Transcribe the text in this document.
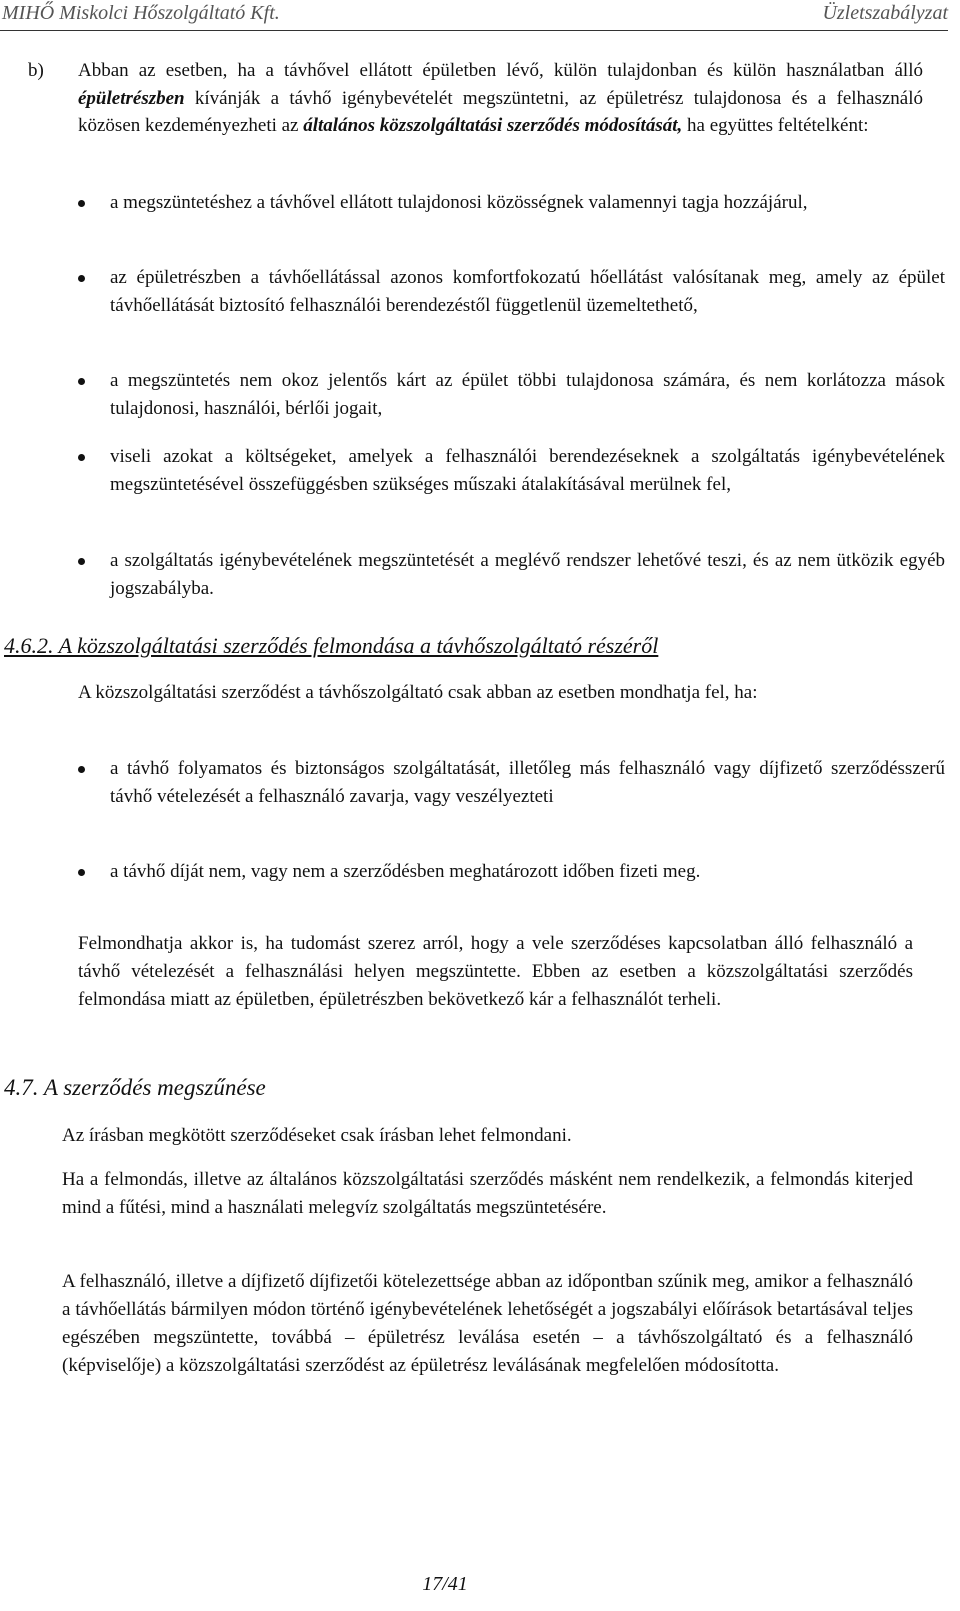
MIHŐ Miskolci Hőszolgáltató Kft.	Üzletszabályzat
b) Abban az esetben, ha a távhővel ellátott épületben lévő, külön tulajdonban és külön használatban álló épületrészben kívánják a távhő igénybevételét megszüntetni, az épületrész tulajdonosa és a felhasználó közösen kezdeményezheti az általános közszolgáltatási szerződés módosítását, ha együttes feltételként:
a megszüntetéshez a távhővel ellátott tulajdonosi közösségnek valamennyi tagja hozzájárul,
az épületrészben a távhőellátással azonos komfortfokozatú hőellátást valósítanak meg, amely az épület távhőellátását biztosító felhasználói berendezéstől függetlenül üzemeltethető,
a megszüntetés nem okoz jelentős kárt az épület többi tulajdonosa számára, és nem korlátozza mások tulajdonosi, használói, bérlői jogait,
viseli azokat a költségeket, amelyek a felhasználói berendezéseknek a szolgáltatás igénybevételének megszüntetésével összefüggésben szükséges műszaki átalakításával merülnek fel,
a szolgáltatás igénybevételének megszüntetését a meglévő rendszer lehetővé teszi, és az nem ütközik egyéb jogszabályba.
4.6.2. A közszolgáltatási szerződés felmondása a távhőszolgáltató részéről
A közszolgáltatási szerződést a távhőszolgáltató csak abban az esetben mondhatja fel, ha:
a távhő folyamatos és biztonságos szolgáltatását, illetőleg más felhasználó vagy díjfizető szerződésszerű távhő vételezését a felhasználó zavarja, vagy veszélyezteti
a távhő díját nem, vagy nem a szerződésben meghatározott időben fizeti meg.
Felmondhatja akkor is, ha tudomást szerez arról, hogy a vele szerződéses kapcsolatban álló felhasználó a távhő vételezését a felhasználási helyen megszüntette. Ebben az esetben a közszolgáltatási szerződés felmondása miatt az épületben, épületrészben bekövetkező kár a felhasználót terheli.
4.7. A szerződés megszűnése
Az írásban megkötött szerződéseket csak írásban lehet felmondani.
Ha a felmondás, illetve az általános közszolgáltatási szerződés másként nem rendelkezik, a felmondás kiterjed mind a fűtési, mind a használati melegvíz szolgáltatás megszüntetésére.
A felhasználó, illetve a díjfizető díjfizetői kötelezettsége abban az időpontban szűnik meg, amikor a felhasználó a távhőellátás bármilyen módon történő igénybevételének lehetőségét a jogszabályi előírások betartásával teljes egészében megszüntette, továbbá – épületrész leválása esetén – a távhőszolgáltató és a felhasználó (képviselője) a közszolgáltatási szerződést az épületrész leválásának megfelelően módosította.
17/41
